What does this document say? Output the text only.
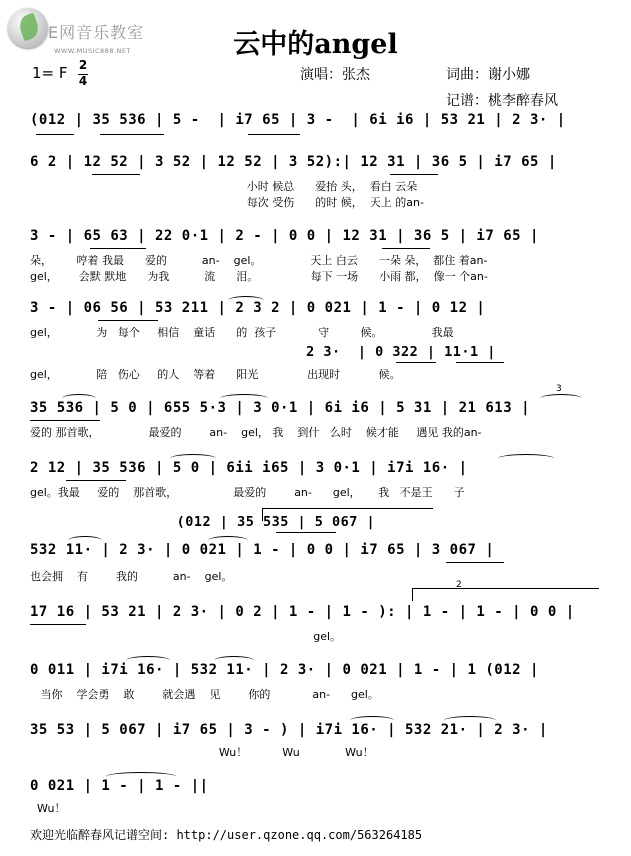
E网音乐教室
WWW.MUSIC888.NET	云中的angel
1= F 2
4	演唱：张杰	词曲：谢小娜
记谱：桃李醉春风
(012 | 35 536 | 5 -  | i7 65 | 3 -  | 6i i6 | 53 21 | 2 3· |
6 2 | 12 52 | 3 52 | 12 52 | 3 52):| 12 31 | 36 5 | i7 65 |
小时 候总      爱抬 头，  看白 云朵
每次 受伤      的时 候，  天上 的an-
3 - | 65 63 | 22 0·1 | 2 - | 0 0 | 12 31 | 36 5 | i7 65 |
朵，       哼着 我最      爱的          an-    gel。              天上 白云      一朵 朵，  都住 着an-
gel，      会默 默地      为我          流      泪。               每下 一场      小雨 都，  像一 个an-
3 - | 06 56 | 53 211 | 2 3 2 | 0 021 | 1 - | 0 12 |
gel，           为   每个     相信    童话      的  孩子            守         候。              我最
gel，           陪   伤心     的人    等着      阳光              出现时           候。
2 3·  | 0 322 | 11·1 |
35 536 | 5 0 | 655 5·3 | 3 0·1 | 6i i6 | 5 31 | 21 613 |
爱的 那首歌，              最爱的        an-    gel， 我    到什   么时    候才能     遇见 我的an-
3
2 12 | 35 536 | 5 0 | 6ii i65 | 3 0·1 | i7i 16· |
gel。我最     爱的    那首歌，                最爱的        an-      gel，     我   不是王      子
(012 | 35 535 | 5 067 |
532 11· | 2 3· | 0 021 | 1 - | 0 0 | i7 65 | 3 067 |
也会拥    有        我的          an-    gel。
2
17 16 | 53 21 | 2 3· | 0 2 | 1 - | 1 - ): | 1 - | 1 - | 0 0 |
gel。
0 011 | i7i 16· | 532 11· | 2 3· | 0 021 | 1 - | 1 (012 |
当你    学会勇    敢        就会遇    见        你的            an-      gel。
35 53 | 5 067 | i7 65 | 3 - ) | i7i 16· | 532 21· | 2 3· |
Wu！          Wu             Wu！
0 021 | 1 - | 1 - ||
Wu！
欢迎光临醉春风记谱空间: http://user.qzone.qq.com/563264185
